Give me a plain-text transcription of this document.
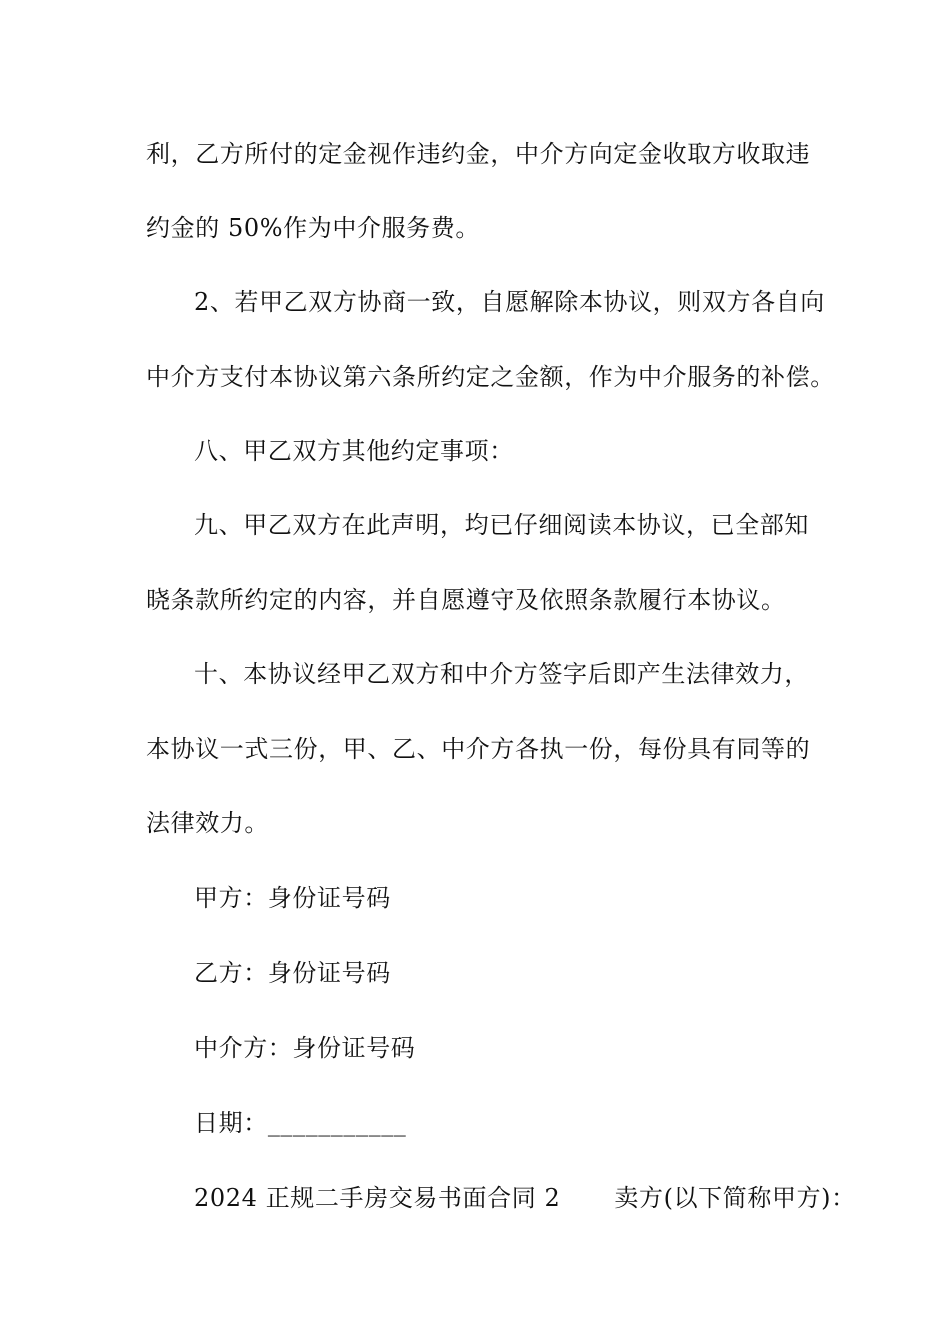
利，乙方所付的定金视作违约金，中介方向定金收取方收取违
约金的 50%作为中介服务费。
2、若甲乙双方协商一致，自愿解除本协议，则双方各自向
中介方支付本协议第六条所约定之金额，作为中介服务的补偿。
八、甲乙双方其他约定事项：
九、甲乙双方在此声明，均已仔细阅读本协议，已全部知
晓条款所约定的内容，并自愿遵守及依照条款履行本协议。
十、本协议经甲乙双方和中介方签字后即产生法律效力，
本协议一式三份，甲、乙、中介方各执一份，每份具有同等的
法律效力。
甲方：身份证号码
乙方：身份证号码
中介方：身份证号码
日期：___________
2024 正规二手房交易书面合同 2 卖方(以下简称甲方)：
